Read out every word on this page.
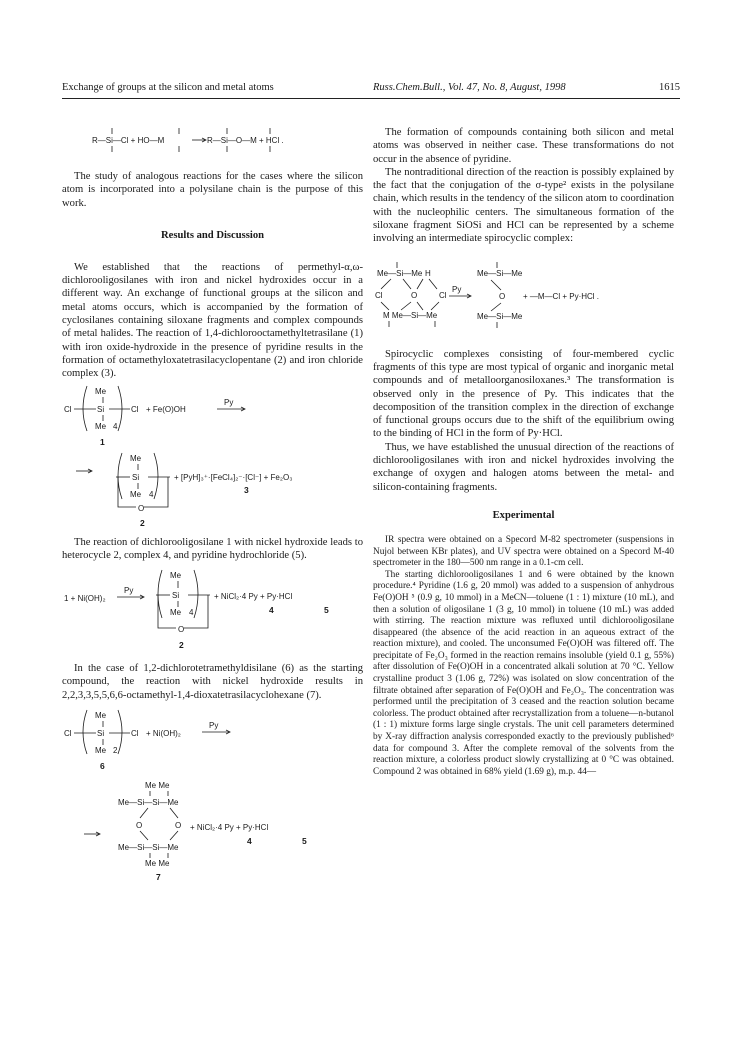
Exchange of groups at the silicon and metal atoms	Russ.Chem.Bull., Vol. 47, No. 8, August, 1998	1615
R—Si—Cl + HO—M	R—Si—O—M + HCl .

The study of analogous reactions for the cases where the silicon atom is incorporated into a polysilane chain is the purpose of this work.

Results and Discussion

We established that the reactions of permethyl-α,ω-dichlorooligosilanes with iron and nickel hydroxides occur in a different way. An exchange of functional groups at the silicon and metal atoms occurs, which is accompanied by the formation of cyclosilanes containing siloxane fragments and complex compounds of metal halides. The reaction of 1,4-dichlorooctamethyltetrasilane (1) with iron oxide-hydroxide in the presence of pyridine results in the formation of octamethyloxatetrasilacyclopentane (2) and iron chloride complex (3).

Me
Cl	Si	Cl
Me 4
+ Fe(O)OH
Py
1
Me
Si
Me 4
O
+ [PyH]₃⁺·[FeCl₄]₂⁻·[Cl⁻] + Fe₂O₃
3
2

The reaction of dichlorooligosilane 1 with nickel hydroxide leads to heterocycle 2, complex 4, and pyridine hydrochloride (5).

1 + Ni(OH)₂
Py
Me
Si
Me 4
O
+ NiCl₂·4 Py + Py·HCl
4	5
2

In the case of 1,2-dichlorotetramethyldisilane (6) as the starting compound, the reaction with nickel hydroxide results in 2,2,3,3,5,5,6,6-octamethyl-1,4-dioxatetrasilacyclohexane (7).

Me
Cl	Si	Cl
Me 2
+ Ni(OH)₂
Py
6
Me Me
Me—Si—Si—Me
O	O
Me—Si—Si—Me
Me Me
7
+ NiCl₂·4 Py + Py·HCl
4	5

The formation of compounds containing both silicon and metal atoms was observed in neither case. These transformations do not occur in the absence of pyridine.

The nontraditional direction of the reaction is possibly explained by the fact that the conjugation of the σ-type² exists in the polysilane chain, which results in the tendency of the silicon atom to coordination with the nucleophilic centers. The simultaneous formation of the siloxane fragment SiOSi and HCl can be represented by a scheme involving an intermediate spirocyclic complex:

Me—Si—Me H
Cl	O	Cl
M Me—Si—Me
Py
Me—Si—Me
O
Me—Si—Me
+ —M—Cl + Py·HCl .

Spirocyclic complexes consisting of four-membered cyclic fragments of this type are most typical of organic and inorganic metal compounds and of metalloorganosiloxanes.³ The transformation is observed only in the presence of Py. This indicates that the decomposition of the transition complex in the direction of exchange of functional groups occurs due to the shift of the equilibrium owing to the binding of HCl in the form of Py·HCl.

Thus, we have established the unusual direction of the reactions of dichlorooligosilanes with iron and nickel hydroxides involving the exchange of oxygen and halogen atoms between the metal- and silicon-containing fragments.

Experimental

IR spectra were obtained on a Specord M-82 spectrometer (suspensions in Nujol between KBr plates), and UV spectra were obtained on a Specord M-40 spectrometer in the 180—500 nm range in a 0.1-cm cell.

The starting dichlorooligosilanes 1 and 6 were obtained by the known procedure.⁴ Pyridine (1.6 g, 20 mmol) was added to a suspension of anhydrous Fe(O)OH ⁵ (0.9 g, 10 mmol) in a MeCN—toluene (1 : 1) mixture (10 mL), and then a solution of oligosilane 1 (3 g, 10 mmol) in toluene (10 mL) was added with stirring. The reaction mixture was refluxed until dichlorooligosilane disappeared (the absence of the acid reaction in an aqueous extract of the reaction mixture), and cooled. The unconsumed Fe(O)OH was filtered off. The precipitate of Fe₂O₃ formed in the reaction remains insoluble (yield 0.1 g, 55%) after dissolution of Fe(O)OH in a concentrated alkali solution at 70 °C. Yellow crystalline product 3 (1.06 g, 72%) was isolated on slow concentration of the filtrate obtained after separation of Fe(O)OH and Fe₂O₃. The concentration was performed until the precipitation of 3 ceased and the reaction solution became colorless. The product obtained after recrystallization from a toluene—n-butanol (1 : 1) mixture forms large single crystals. The unit cell parameters determined by X-ray diffraction analysis corresponded exactly to the previously published⁶ data for compound 3. After the complete removal of the solvents from the reaction mixture, a colorless product slowly crystallizing at 0 °C was obtained. Compound 2 was obtained in 68% yield (1.69 g), m.p. 44—
